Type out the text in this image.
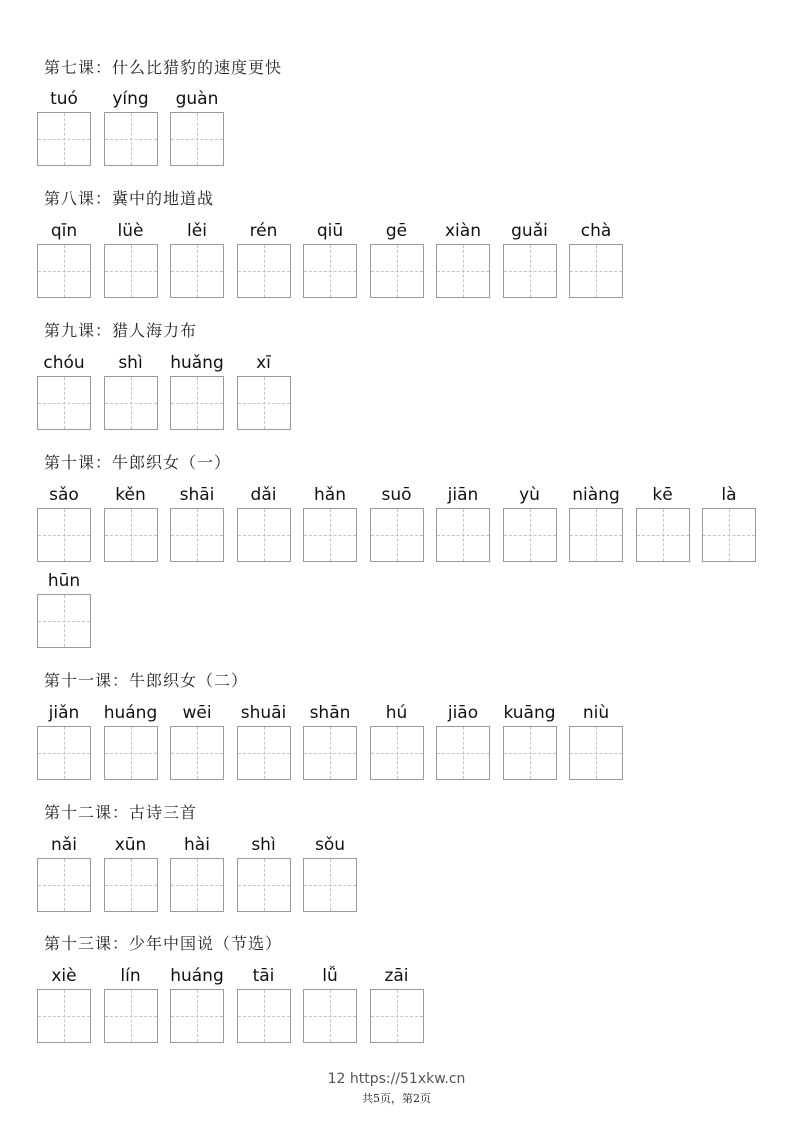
第七课：什么比猎豹的速度更快
tuó	yíng	guàn
第八课：冀中的地道战
qīn	lüè	lěi	rén	qiū	gē	xiàn	guǎi	chà
第九课：猎人海力布
chóu	shì	huǎng	xī
第十课：牛郎织女（一）
sǎo	kěn	shāi	dǎi	hǎn	suō	jiān	yù	niàng	kē	là
hūn
第十一课：牛郎织女（二）
jiǎn	huáng	wēi	shuāi	shān	hú	jiāo	kuāng	niù
第十二课：古诗三首
nǎi	xūn	hài	shì	sǒu
第十三课：少年中国说（节选）
xiè	lín	huáng	tāi	lǚ	zāi
12 https://51xkw.cn
共5页，第2页
